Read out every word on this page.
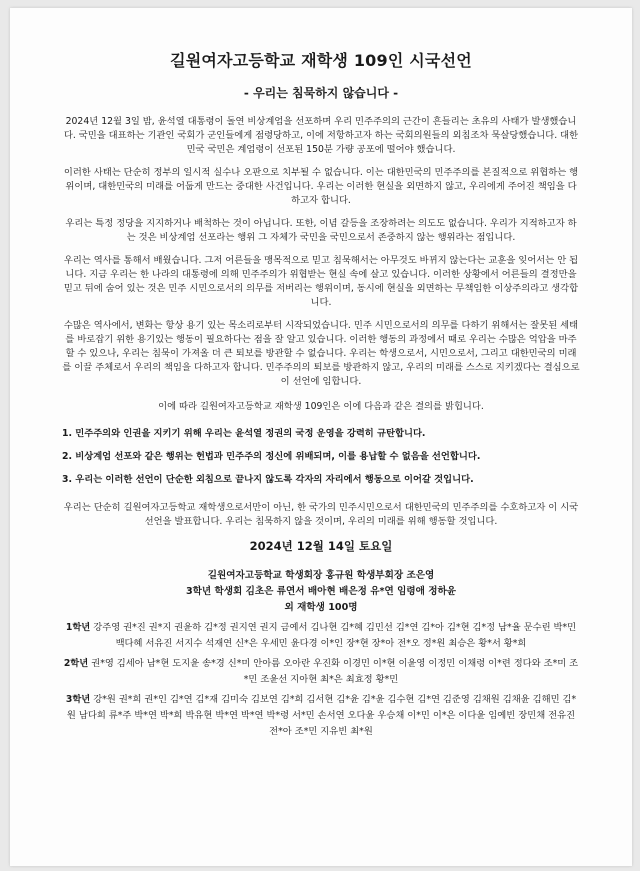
길원여자고등학교 재학생 109인 시국선언
- 우리는 침묵하지 않습니다 -

2024년 12월 3일 밤, 윤석열 대통령이 돌연 비상계엄을 선포하며 우리 민주주의의 근간이 흔들리는 초유의 사태가 발생했습니다. 국민을 대표하는 기관인 국회가 군인들에게 점령당하고, 이에 저항하고자 하는 국회의원들의 외침조차 묵살당했습니다. 대한민국 국민은 계엄령이 선포된 150분 가량 공포에 떨어야 했습니다.

이러한 사태는 단순히 정부의 일시적 실수나 오판으로 치부될 수 없습니다. 이는 대한민국의 민주주의를 본질적으로 위협하는 행위이며, 대한민국의 미래를 어둡게 만드는 중대한 사건입니다. 우리는 이러한 현실을 외면하지 않고, 우리에게 주어진 책임을 다하고자 합니다.

우리는 특정 정당을 지지하거나 배척하는 것이 아닙니다. 또한, 이념 갈등을 조장하려는 의도도 없습니다. 우리가 지적하고자 하는 것은 비상계엄 선포라는 행위 그 자체가 국민을 국민으로서 존중하지 않는 행위라는 점입니다.

우리는 역사를 통해서 배웠습니다. 그저 어른들을 맹목적으로 믿고 침묵해서는 아무것도 바뀌지 않는다는 교훈을 잊어서는 안 됩니다. 지금 우리는 한 나라의 대통령에 의해 민주주의가 위협받는 현실 속에 살고 있습니다. 이러한 상황에서 어른들의 결정만을 믿고 뒤에 숨어 있는 것은 민주 시민으로서의 의무를 저버리는 행위이며, 동시에 현실을 외면하는 무책임한 이상주의라고 생각합니다.

수많은 역사에서, 변화는 항상 용기 있는 목소리로부터 시작되었습니다. 민주 시민으로서의 의무를 다하기 위해서는 잘못된 세태를 바로잡기 위한 용기있는 행동이 필요하다는 점을 잘 알고 있습니다. 이러한 행동의 과정에서 때로 우리는 수많은 억압을 마주할 수 있으나, 우리는 침묵이 가져올 더 큰 퇴보를 방관할 수 없습니다. 우리는 학생으로서, 시민으로서, 그리고 대한민국의 미래를 이끌 주체로서 우리의 책임을 다하고자 합니다. 민주주의의 퇴보를 방관하지 않고, 우리의 미래를 스스로 지키겠다는 결심으로 이 선언에 임합니다.

이에 따라 길원여자고등학교 재학생 109인은 이에 다음과 같은 결의를 밝힙니다.

1. 민주주의와 인권을 지키기 위해 우리는 윤석열 정권의 국정 운영을 강력히 규탄합니다.
2. 비상계엄 선포와 같은 행위는 헌법과 민주주의 정신에 위배되며, 이를 용납할 수 없음을 선언합니다.
3. 우리는 이러한 선언이 단순한 외침으로 끝나지 않도록 각자의 자리에서 행동으로 이어갈 것입니다.

우리는 단순히 길원여자고등학교 재학생으로서만이 아닌, 한 국가의 민주시민으로서 대한민국의 민주주의를 수호하고자 이 시국선언을 발표합니다. 우리는 침묵하지 않을 것이며, 우리의 미래를 위해 행동할 것입니다.

2024년 12월 14일 토요일
길원여자고등학교 학생회장 홍규원 학생부회장 조은영
3학년 학생회 김초은 류연서 배아현 배은정 유*연 임령애 정하윤
외 재학생 100명
1학년 강주영 권*진 권*지 권윤하 김*정 권지연 권지 금예서 김나현 김*혜 김민선 김*연 김*아 김*현 김*정 남*율 문수린 박*민 백다혜 서유진 서지수 석재연 신*은 우세민 윤다경 이*인 장*현 장*아 전*오 정*원 최승은 황*서 황*희
2학년 권*영 김세아 남*현 도지윤 송*경 신*미 안아름 오아란 우진화 이경민 이*현 이윤영 이정민 이채령 이*련 정다와 조*미 조*민 조윤선 지아현 최*은 최효정 황*민
3학년 강*원 권*희 권*인 김*연 김*재 김미숙 김보연 김*희 김서현 김*윤 김*윤 김수현 김*연 김준영 김채원 김채윤 김해민 김*원 남다희 류*주 박*연 박*희 박유현 박*연 박*연 박*령 서*민 손서연 오다윤 우승채 이*민 이*은 이다윤 임예빈 장민채 전유진 전*아 조*민 지유빈 최*원
